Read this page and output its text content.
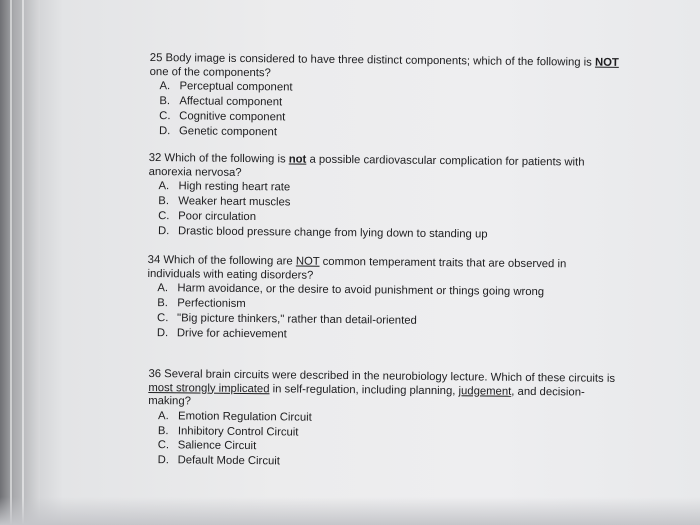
25 Body image is considered to have three distinct components; which of the following is NOT one of the components?

A. Perceptual component
B. Affectual component
C. Cognitive component
D. Genetic component

32 Which of the following is not a possible cardiovascular complication for patients with anorexia nervosa?

A. High resting heart rate
B. Weaker heart muscles
C. Poor circulation
D. Drastic blood pressure change from lying down to standing up

34 Which of the following are NOT common temperament traits that are observed in individuals with eating disorders?

A. Harm avoidance, or the desire to avoid punishment or things going wrong
B. Perfectionism
C. "Big picture thinkers," rather than detail-oriented
D. Drive for achievement

36 Several brain circuits were described in the neurobiology lecture. Which of these circuits is most strongly implicated in self-regulation, including planning, judgement, and decision-making?

A. Emotion Regulation Circuit
B. Inhibitory Control Circuit
C. Salience Circuit
D. Default Mode Circuit
